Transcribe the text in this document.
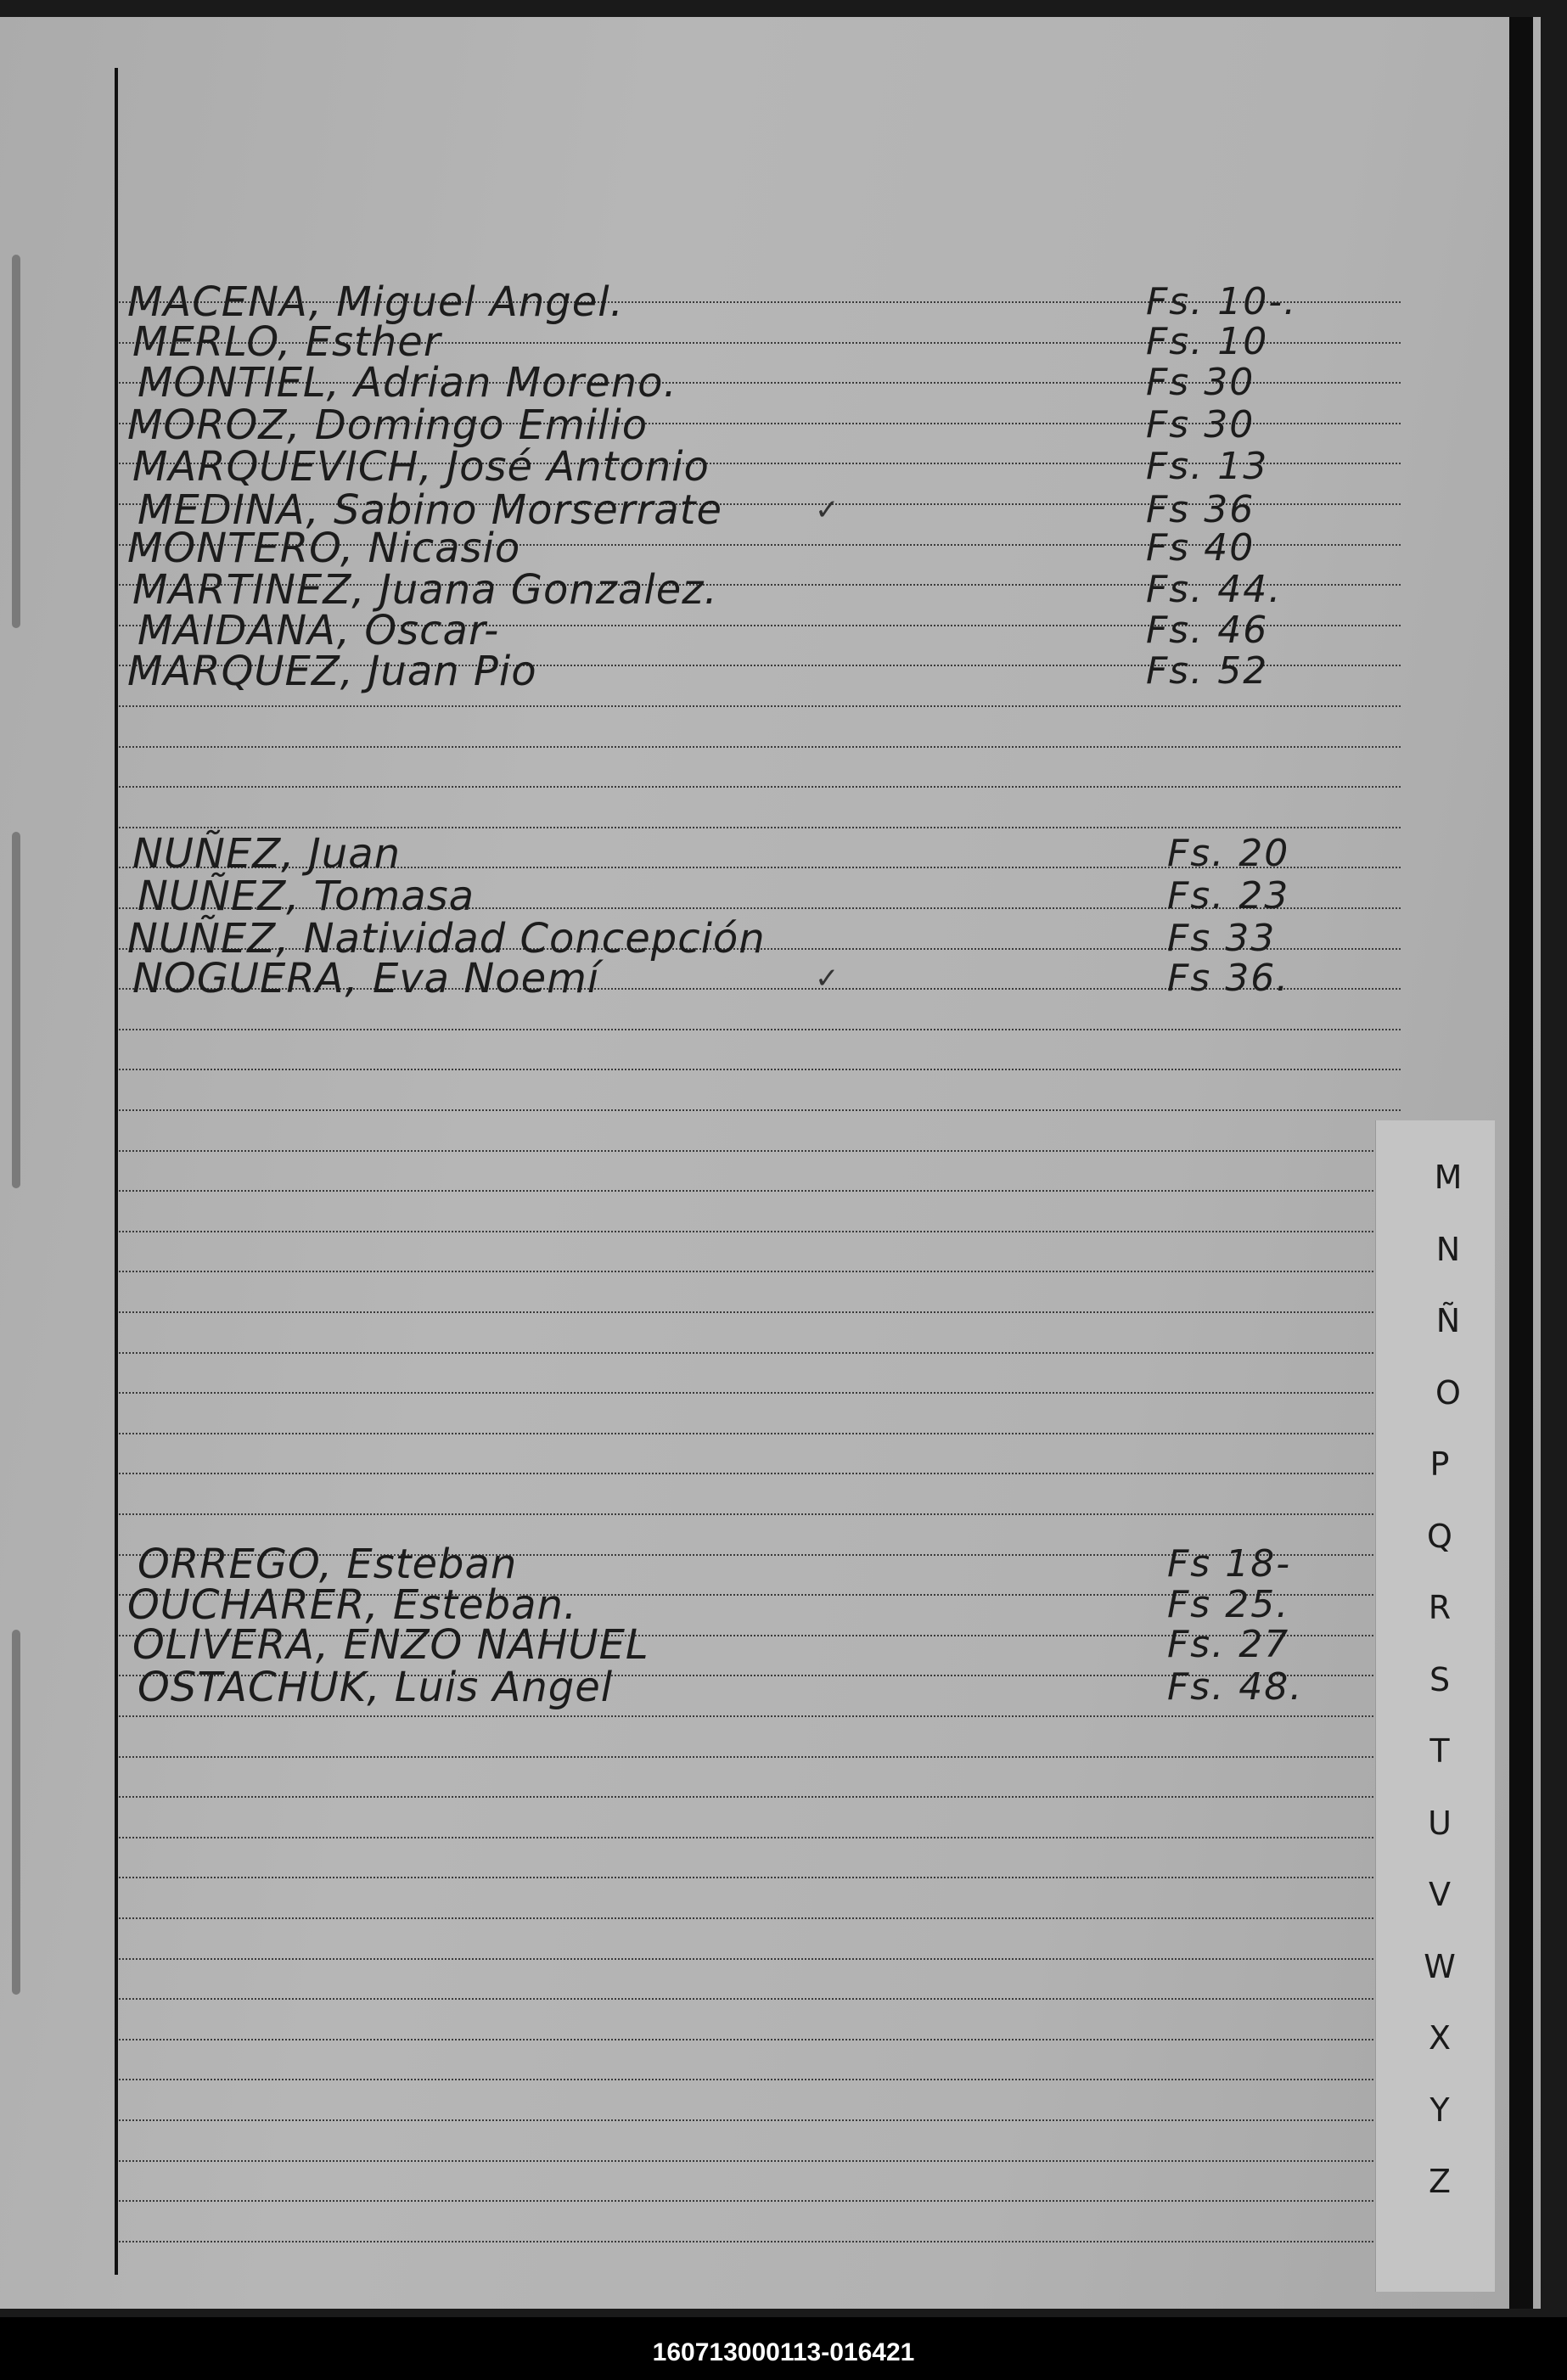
M
N
Ñ
O
P
Q
R
S
T
U
V
W
X
Y
Z
MACENA, Miguel Angel.	Fs. 10-.
MERLO, Esther	Fs. 10
MONTIEL, Adrian Moreno.	Fs 30
MOROZ, Domingo Emilio	Fs 30
MARQUEVICH, José Antonio	Fs. 13
MEDINA, Sabino Morserrate	Fs 36
✓
MONTERO, Nicasio	Fs 40
MARTINEZ, Juana Gonzalez.	Fs. 44.
MAIDANA, Oscar-	Fs. 46
MARQUEZ, Juan Pio	Fs. 52
NUÑEZ, Juan	Fs. 20
NUÑEZ, Tomasa	Fs. 23
NUÑEZ, Natividad Concepción	Fs 33
NOGUERA, Eva Noemí	Fs 36.
✓
ORREGO, Esteban	Fs 18-
OUCHARER, Esteban.	Fs 25.
OLIVERA, ENZO NAHUEL	Fs. 27
OSTACHUK, Luis Angel	Fs. 48.
160713000113-016421
